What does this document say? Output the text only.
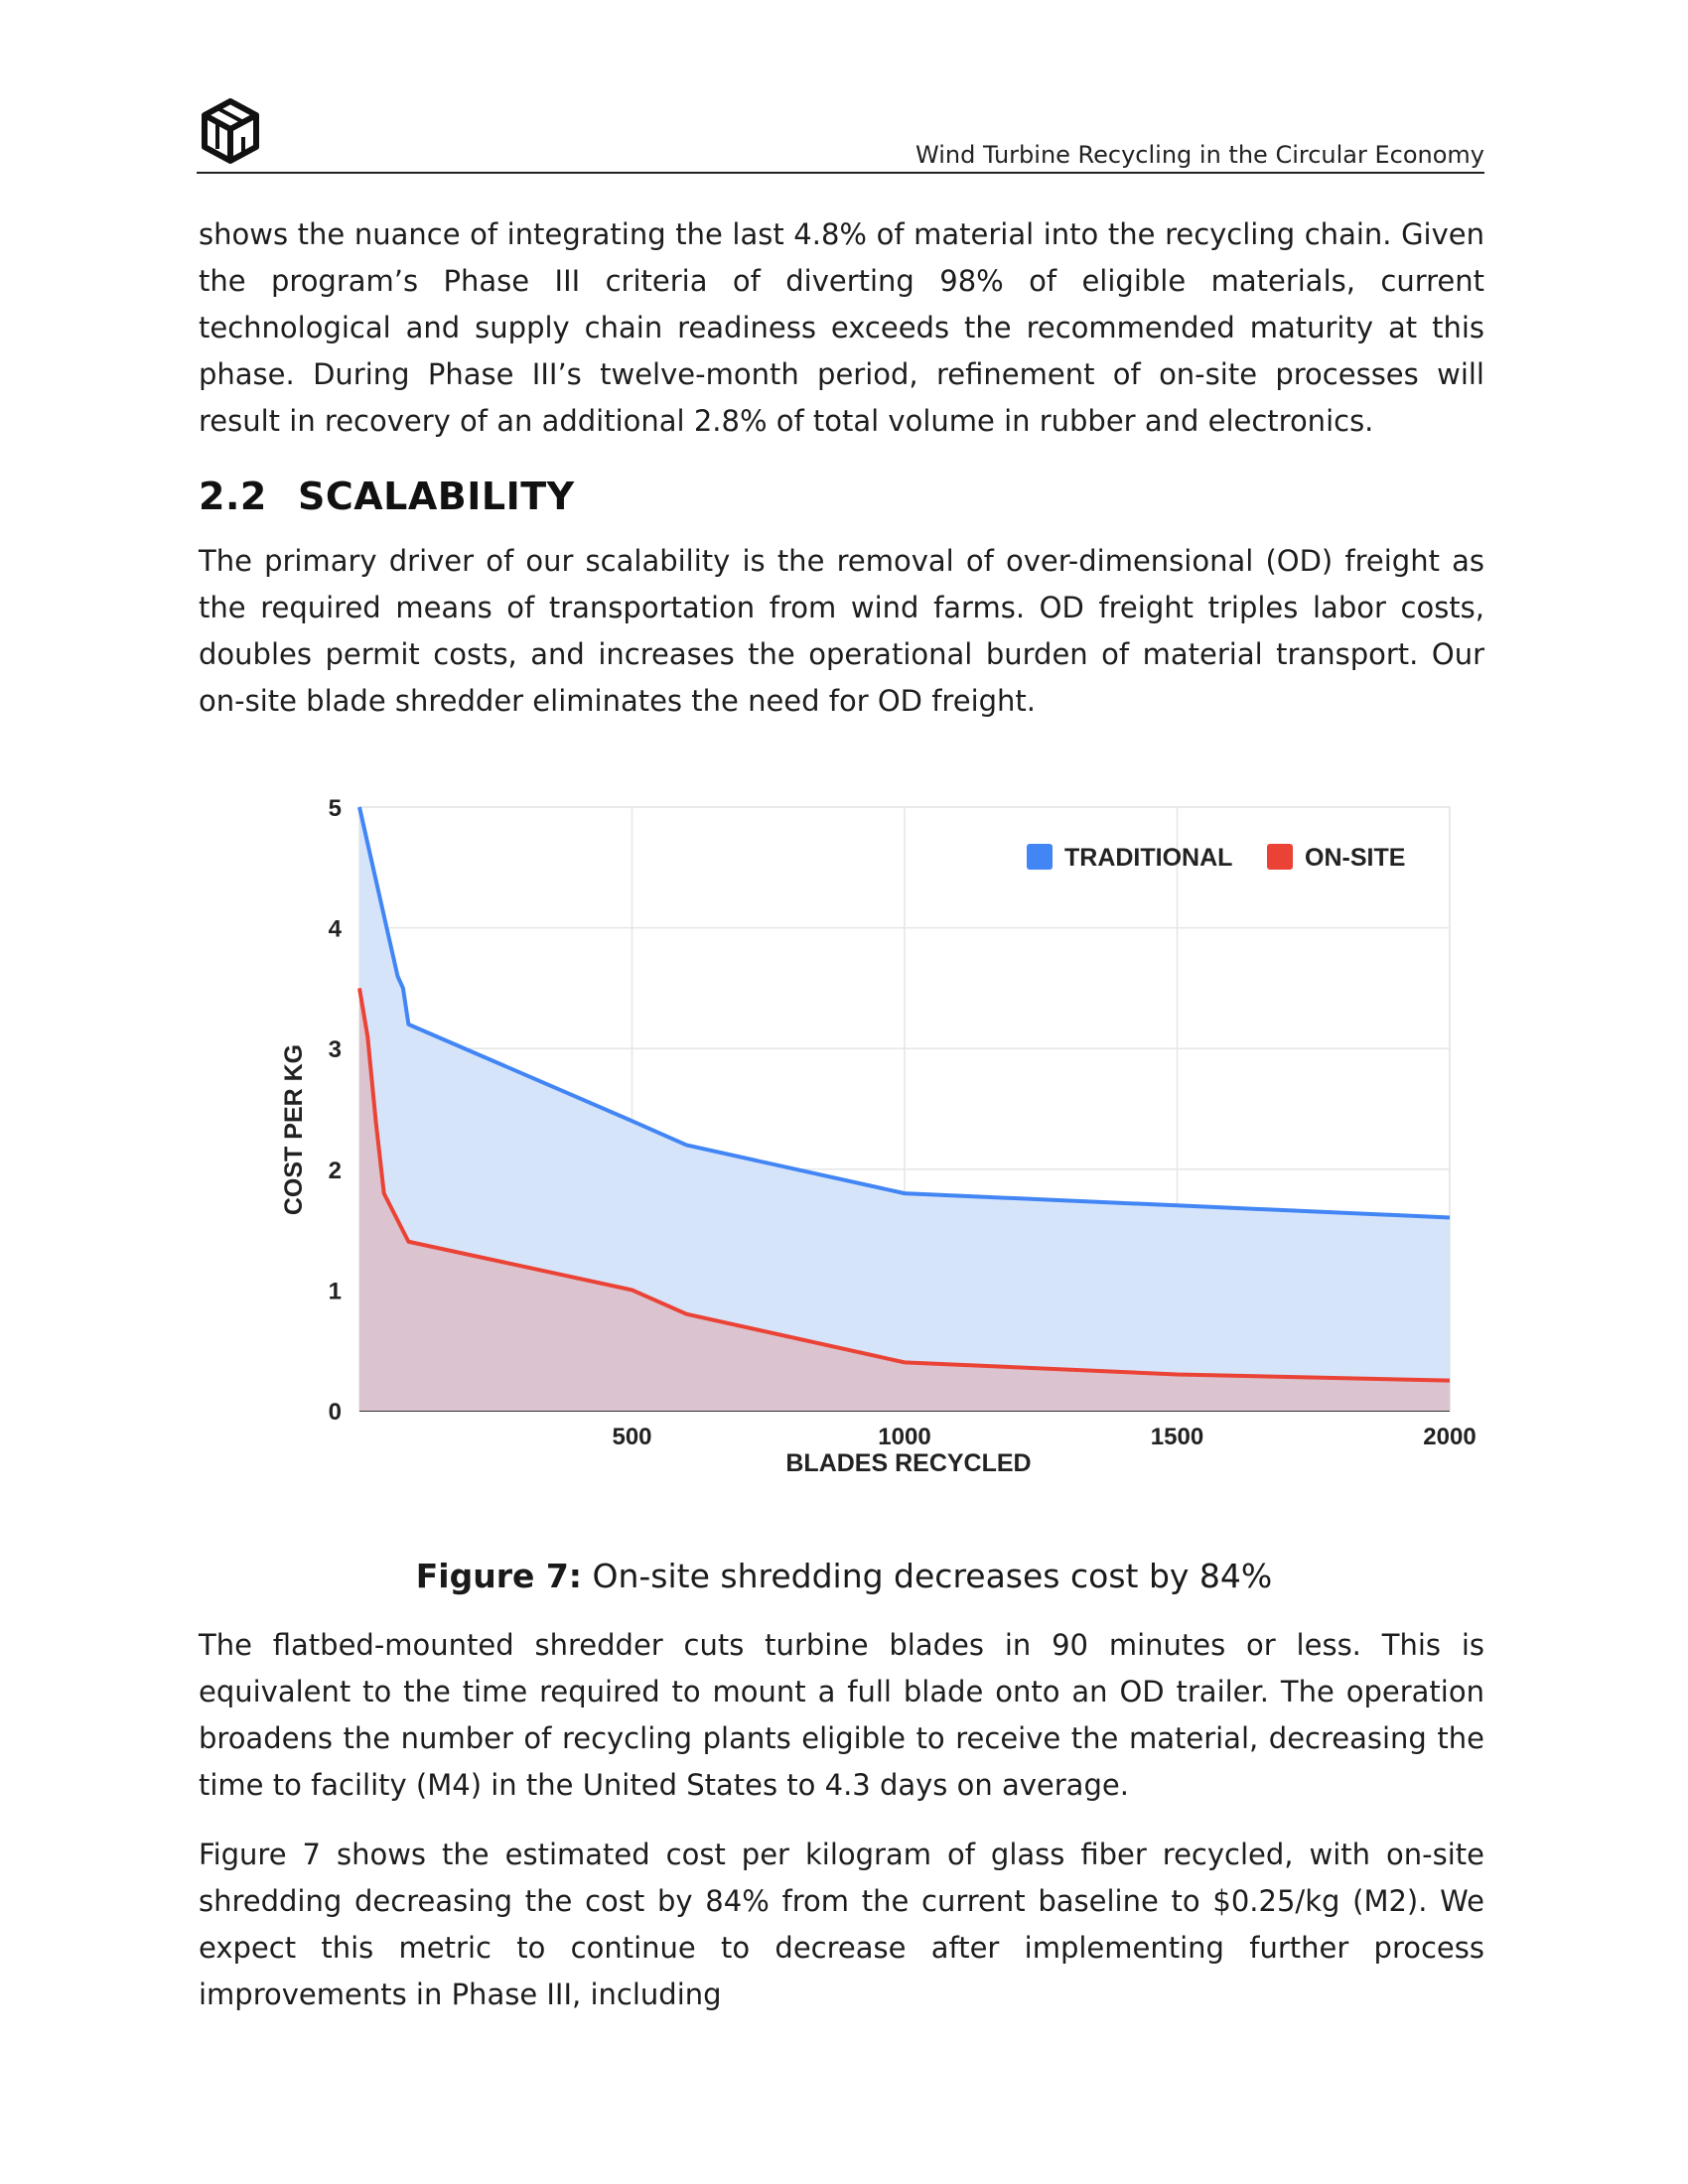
Wind Turbine Recycling in the Circular Economy

shows the nuance of integrating the last 4.8% of material into the recycling chain. Given the program’s Phase III criteria of diverting 98% of eligible materials, current technological and supply chain readiness exceeds the recommended maturity at this phase. During Phase III’s twelve-month period, refinement of on-site processes will result in recovery of an additional 2.8% of total volume in rubber and electronics.

2.2 SCALABILITY

The primary driver of our scalability is the removal of over-dimensional (OD) freight as the required means of transportation from wind farms. OD freight triples labor costs, doubles permit costs, and increases the operational burden of material transport. Our on-site blade shredder eliminates the need for OD freight.

0
1
2
3
4
5
500	1000	1500	2000
BLADES RECYCLED
COST PER KG
TRADITIONAL	ON-SITE
Figure 7: On-site shredding decreases cost by 84%

The flatbed-mounted shredder cuts turbine blades in 90 minutes or less. This is equivalent to the time required to mount a full blade onto an OD trailer. The operation broadens the number of recycling plants eligible to receive the material, decreasing the time to facility (M4) in the United States to 4.3 days on average.

Figure 7 shows the estimated cost per kilogram of glass fiber recycled, with on-site shredding decreasing the cost by 84% from the current baseline to $0.25/kg (M2). We expect this metric to continue to decrease after implementing further process improvements in Phase III, including
